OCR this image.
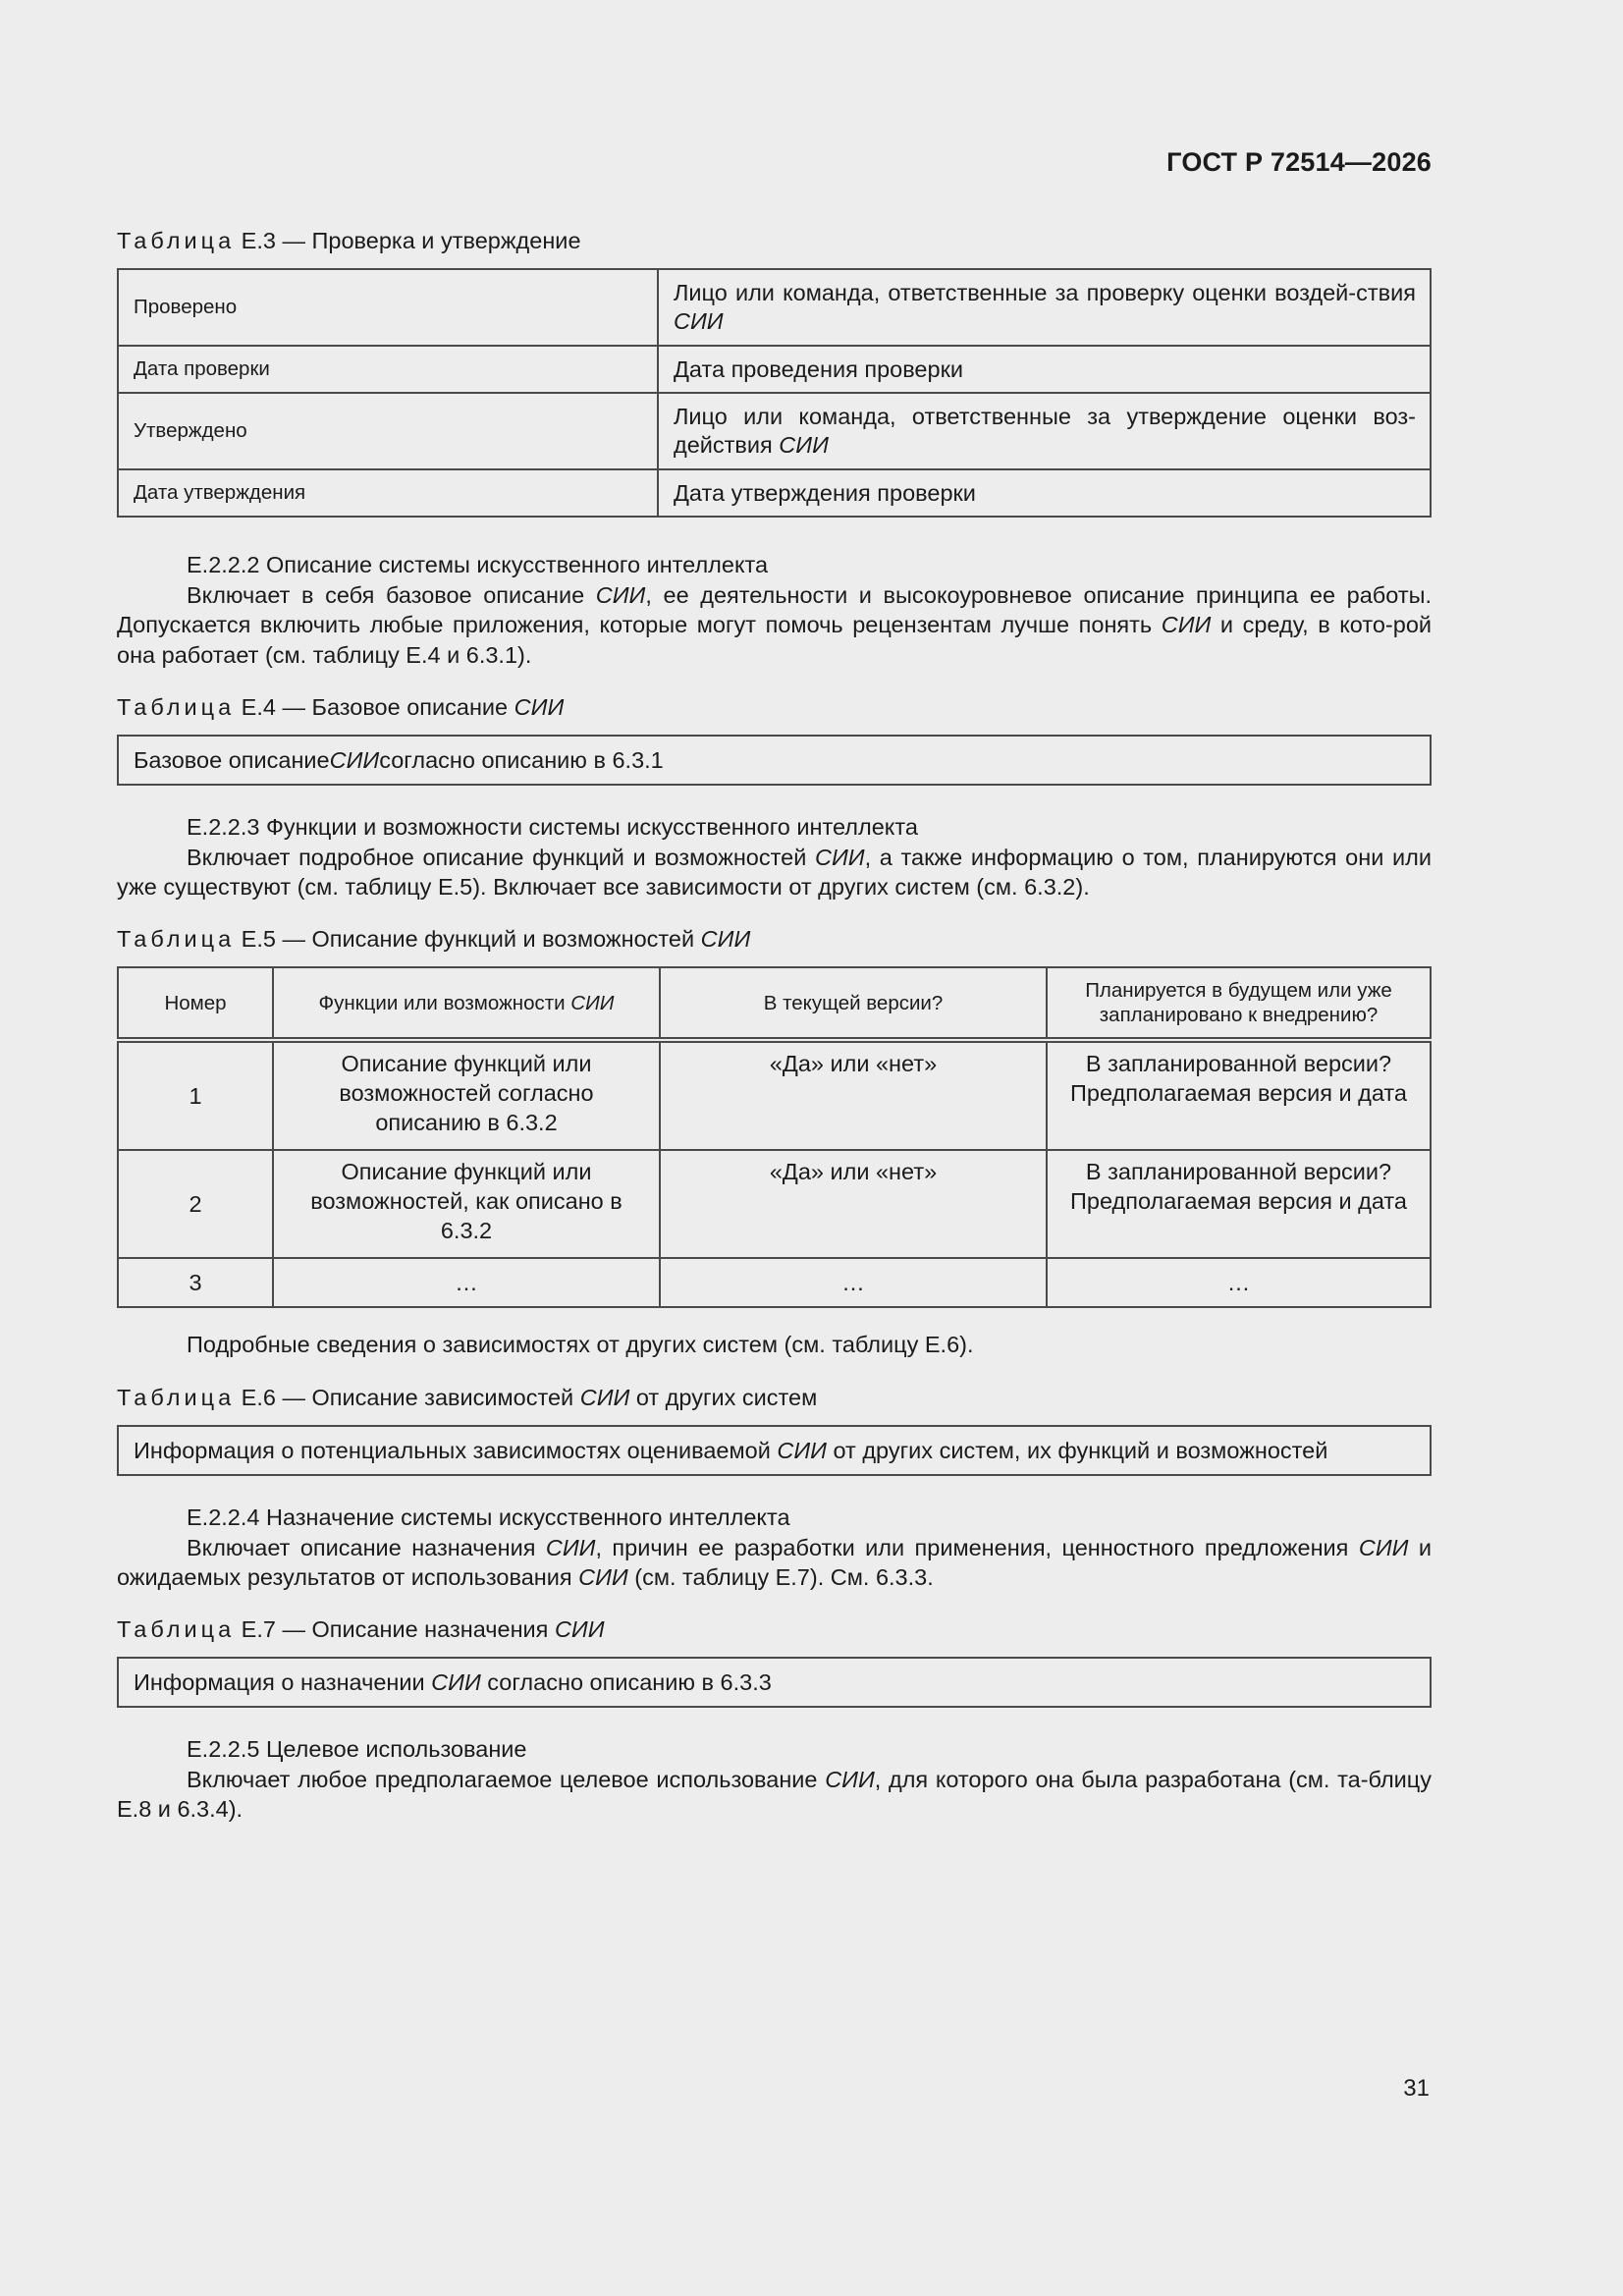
ГОСТ Р 72514—2026
Таблица Е.3 — Проверка и утверждение
Проверено	Лицо или команда, ответственные за проверку оценки воздей-ствия СИИ
Дата проверки	Дата проведения проверки
Утверждено	Лицо или команда, ответственные за утверждение оценки воз-действия СИИ
Дата утверждения	Дата утверждения проверки

Е.2.2.2 Описание системы искусственного интеллекта

Включает в себя базовое описание СИИ, ее деятельности и высокоуровневое описание принципа ее работы. Допускается включить любые приложения, которые могут помочь рецензентам лучше понять СИИ и среду, в кото-рой она работает (см. таблицу Е.4 и 6.3.1).

Таблица Е.4 — Базовое описание СИИ
Базовое описание СИИ согласно описанию в 6.3.1

Е.2.2.3 Функции и возможности системы искусственного интеллекта

Включает подробное описание функций и возможностей СИИ, а также информацию о том, планируются они или уже существуют (см. таблицу Е.5). Включает все зависимости от других систем (см. 6.3.2).

Таблица Е.5 — Описание функций и возможностей СИИ
Номер	Функции или возможности СИИ	В текущей версии?	Планируется в будущем или уже запланировано к внедрению?
1	Описание функций или возможностей согласно описанию в 6.3.2	«Да» или «нет»	В запланированной версии? Предполагаемая версия и дата
2	Описание функций или возможностей, как описано в 6.3.2	«Да» или «нет»	В запланированной версии? Предполагаемая версия и дата
3	…	…	…

Подробные сведения о зависимостях от других систем (см. таблицу Е.6).

Таблица Е.6 — Описание зависимостей СИИ от других систем
Информация о потенциальных зависимостях оцениваемой СИИ от других систем, их функций и возможностей

Е.2.2.4 Назначение системы искусственного интеллекта

Включает описание назначения СИИ, причин ее разработки или применения, ценностного предложения СИИ и ожидаемых результатов от использования СИИ (см. таблицу Е.7). См. 6.3.3.

Таблица Е.7 — Описание назначения СИИ
Информация о назначении СИИ согласно описанию в 6.3.3

Е.2.2.5 Целевое использование

Включает любое предполагаемое целевое использование СИИ, для которого она была разработана (см. та-блицу Е.8 и 6.3.4).

31
